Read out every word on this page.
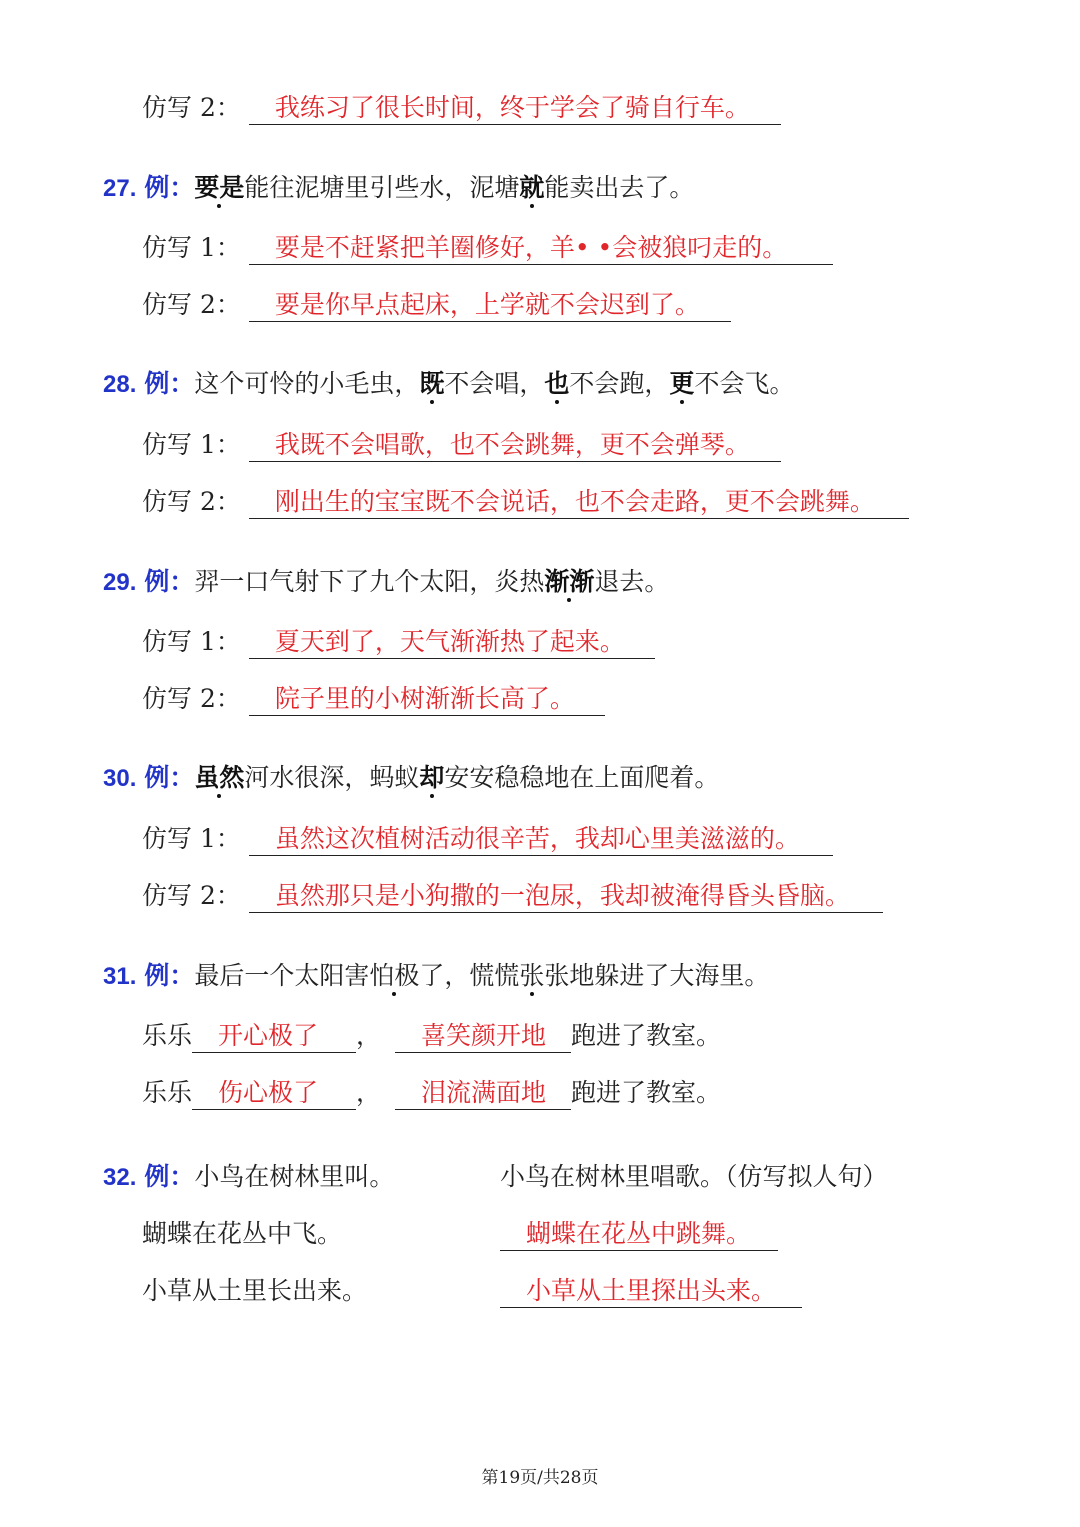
仿写 2： 我练习了很长时间，终于学会了骑自行车。
27. 例：要是能往泥塘里引些水，泥塘就能卖出去了。
仿写 1： 要是不赶紧把羊圈修好，羊• •会被狼叼走的。
仿写 2： 要是你早点起床，上学就不会迟到了。
28. 例：这个可怜的小毛虫，既不会唱，也不会跑，更不会飞。
仿写 1： 我既不会唱歌，也不会跳舞，更不会弹琴。
仿写 2： 刚出生的宝宝既不会说话，也不会走路，更不会跳舞。
29. 例：羿一口气射下了九个太阳，炎热渐渐退去。
仿写 1： 夏天到了，天气渐渐热了起来。
仿写 2： 院子里的小树渐渐长高了。
30. 例：虽然河水很深，蚂蚁却安安稳稳地在上面爬着。
仿写 1： 虽然这次植树活动很辛苦，我却心里美滋滋的。
仿写 2： 虽然那只是小狗撒的一泡尿，我却被淹得昏头昏脑。
31. 例：最后一个太阳害怕极了，慌慌张张地躲进了大海里。
乐乐 开心极了 ， 喜笑颜开地 跑进了教室。
乐乐 伤心极了 ， 泪流满面地 跑进了教室。
32. 例：小鸟在树林里叫。	小鸟在树林里唱歌。（仿写拟人句）
蝴蝶在花丛中飞。	蝴蝶在花丛中跳舞。
小草从土里长出来。	小草从土里探出头来。
第19页/共28页
